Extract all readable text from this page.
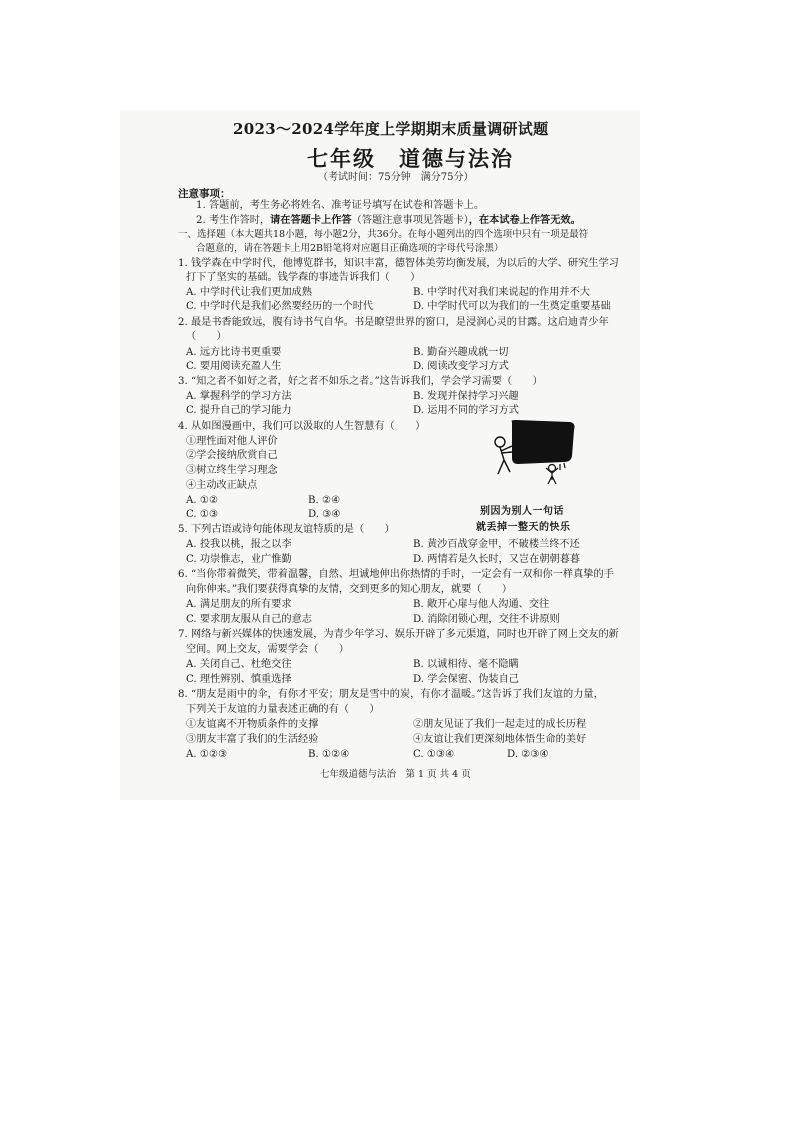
2023～2024学年度上学期期末质量调研试题
七年级　道德与法治
（考试时间：75分钟　满分75分）
注意事项：
1. 答题前，考生务必将姓名、准考证号填写在试卷和答题卡上。
2. 考生作答时，请在答题卡上作答（答题注意事项见答题卡），在本试卷上作答无效。
一、选择题（本大题共18小题，每小题2分，共36分。在每小题列出的四个选项中只有一项是最符
合题意的，请在答题卡上用2B铅笔将对应题目正确选项的字母代号涂黑）
1. 钱学森在中学时代，他博览群书，知识丰富，德智体美劳均衡发展，为以后的大学、研究生学习
打下了坚实的基础。钱学森的事迹告诉我们（　　）
A. 中学时代让我们更加成熟	B. 中学时代对我们来说起的作用并不大
C. 中学时代是我们必然要经历的一个时代	D. 中学时代可以为我们的一生奠定重要基础
2. 最是书香能致远，腹有诗书气自华。书是瞭望世界的窗口，是浸润心灵的甘露。这启迪青少年
（　　）
A. 远方比诗书更重要	B. 勤奋兴趣成就一切
C. 要用阅读充盈人生	D. 阅读改变学习方式
3. “知之者不如好之者，好之者不如乐之者。”这告诉我们，学会学习需要（　　）
A. 掌握科学的学习方法	B. 发现并保持学习兴趣
C. 提升自己的学习能力	D. 运用不同的学习方式
4. 从如图漫画中，我们可以汲取的人生智慧有（　　）
①理性面对他人评价
②学会接纳欣赏自己
③树立终生学习理念
④主动改正缺点
A. ①②	B. ②④
C. ①③	D. ③④	别因为别人一句话
就丢掉一整天的快乐
5. 下列古语或诗句能体现友谊特质的是（　　）
A. 投我以桃，报之以李	B. 黄沙百战穿金甲，不破楼兰终不还
C. 功崇惟志，业广惟勤	D. 两情若是久长时，又岂在朝朝暮暮
6. “当你带着微笑，带着温馨，自然、坦诚地伸出你热情的手时，一定会有一双和你一样真挚的手
向你伸来。”我们要获得真挚的友情，交到更多的知心朋友，就要（　　）
A. 满足朋友的所有要求	B. 敞开心扉与他人沟通、交往
C. 要求朋友服从自己的意志	D. 消除闭锁心理，交往不讲原则
7. 网络与新兴媒体的快速发展，为青少年学习、娱乐开辟了多元渠道，同时也开辟了网上交友的新
空间。网上交友，需要学会（　　）
A. 关闭自己、杜绝交往	B. 以诚相待、毫不隐瞒
C. 理性辨别、慎重选择	D. 学会保密、伪装自己
8. “朋友是雨中的伞，有你才平安；朋友是雪中的炭，有你才温暖。”这告诉了我们友谊的力量，
下列关于友谊的力量表述正确的有（　　）
①友谊离不开物质条件的支撑	②朋友见证了我们一起走过的成长历程
③朋友丰富了我们的生活经验	④友谊让我们更深刻地体悟生命的美好
A. ①②③	B. ①②④	C. ①③④	D. ②③④
七年级道德与法治　第 1 页 共 4 页
